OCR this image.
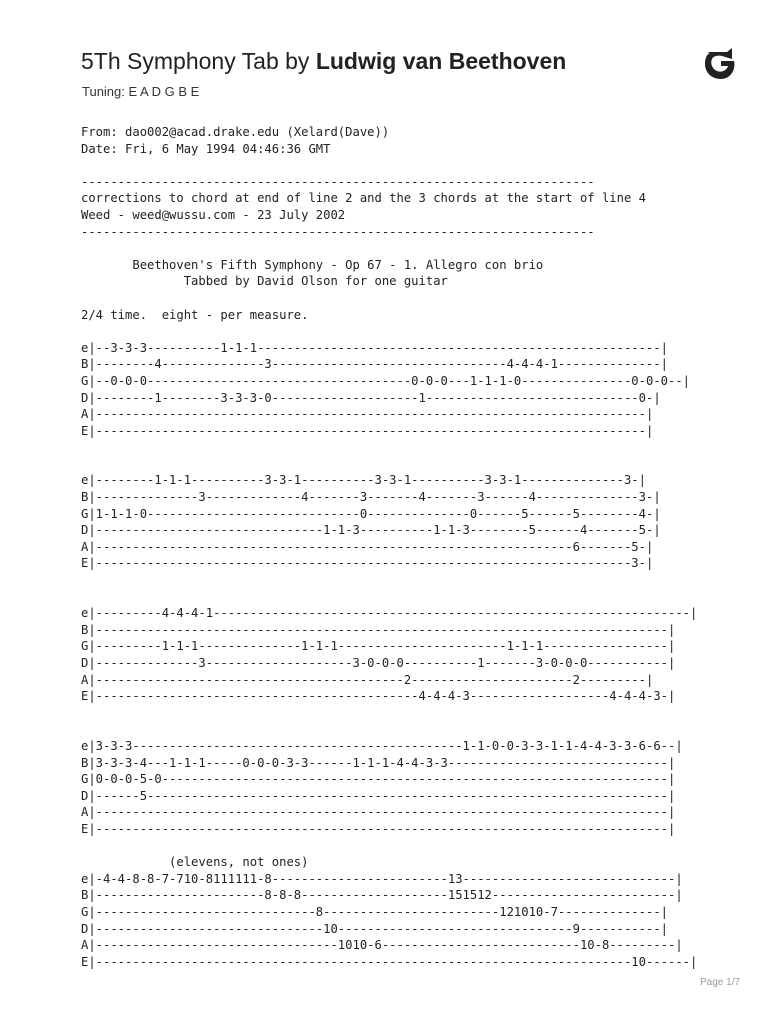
5Th Symphony Tab by Ludwig van Beethoven
Tuning: E A D G B E
From: dao002@acad.drake.edu (Xelard(Dave))
Date: Fri, 6 May 1994 04:46:36 GMT

----------------------------------------------------------------------
corrections to chord at end of line 2 and the 3 chords at the start of line 4
Weed - weed@wussu.com - 23 July 2002
----------------------------------------------------------------------

Beethoven's Fifth Symphony - Op 67 - 1. Allegro con brio
Tabbed by David Olson for one guitar

2/4 time.  eight - per measure.

e|--3-3-3----------1-1-1-------------------------------------------------------|
B|--------4--------------3--------------------------------4-4-4-1--------------|
G|--0-0-0------------------------------------0-0-0---1-1-1-0---------------0-0-0--|
D|--------1--------3-3-3-0--------------------1-----------------------------0-|
A|---------------------------------------------------------------------------|
E|---------------------------------------------------------------------------|

e|--------1-1-1----------3-3-1----------3-3-1----------3-3-1--------------3-|
B|--------------3-------------4-------3-------4-------3------4--------------3-|
G|1-1-1-0-----------------------------0--------------0------5------5--------4-|
D|-------------------------------1-1-3----------1-1-3--------5------4-------5-|
A|-----------------------------------------------------------------6-------5-|
E|-------------------------------------------------------------------------3-|

e|---------4-4-4-1-----------------------------------------------------------------|
B|------------------------------------------------------------------------------|
G|---------1-1-1--------------1-1-1-----------------------1-1-1-----------------|
D|--------------3--------------------3-0-0-0----------1-------3-0-0-0-----------|
A|------------------------------------------2----------------------2---------|
E|--------------------------------------------4-4-4-3-------------------4-4-4-3-|

e|3-3-3---------------------------------------------1-1-0-0-3-3-1-1-4-4-3-3-6-6--|
B|3-3-3-4---1-1-1-----0-0-0-3-3------1-1-1-4-4-3-3------------------------------|
G|0-0-0-5-0---------------------------------------------------------------------|
D|------5-----------------------------------------------------------------------|
A|------------------------------------------------------------------------------|
E|------------------------------------------------------------------------------|

(elevens, not ones)
e|-4-4-8-8-7-710-8111111-8------------------------13-----------------------------|
B|-----------------------8-8-8--------------------151512-------------------------|
G|------------------------------8------------------------121010-7--------------|
D|-------------------------------10--------------------------------9-----------|
A|---------------------------------1010-6---------------------------10-8---------|
E|-------------------------------------------------------------------------10------|
Page 1/7
